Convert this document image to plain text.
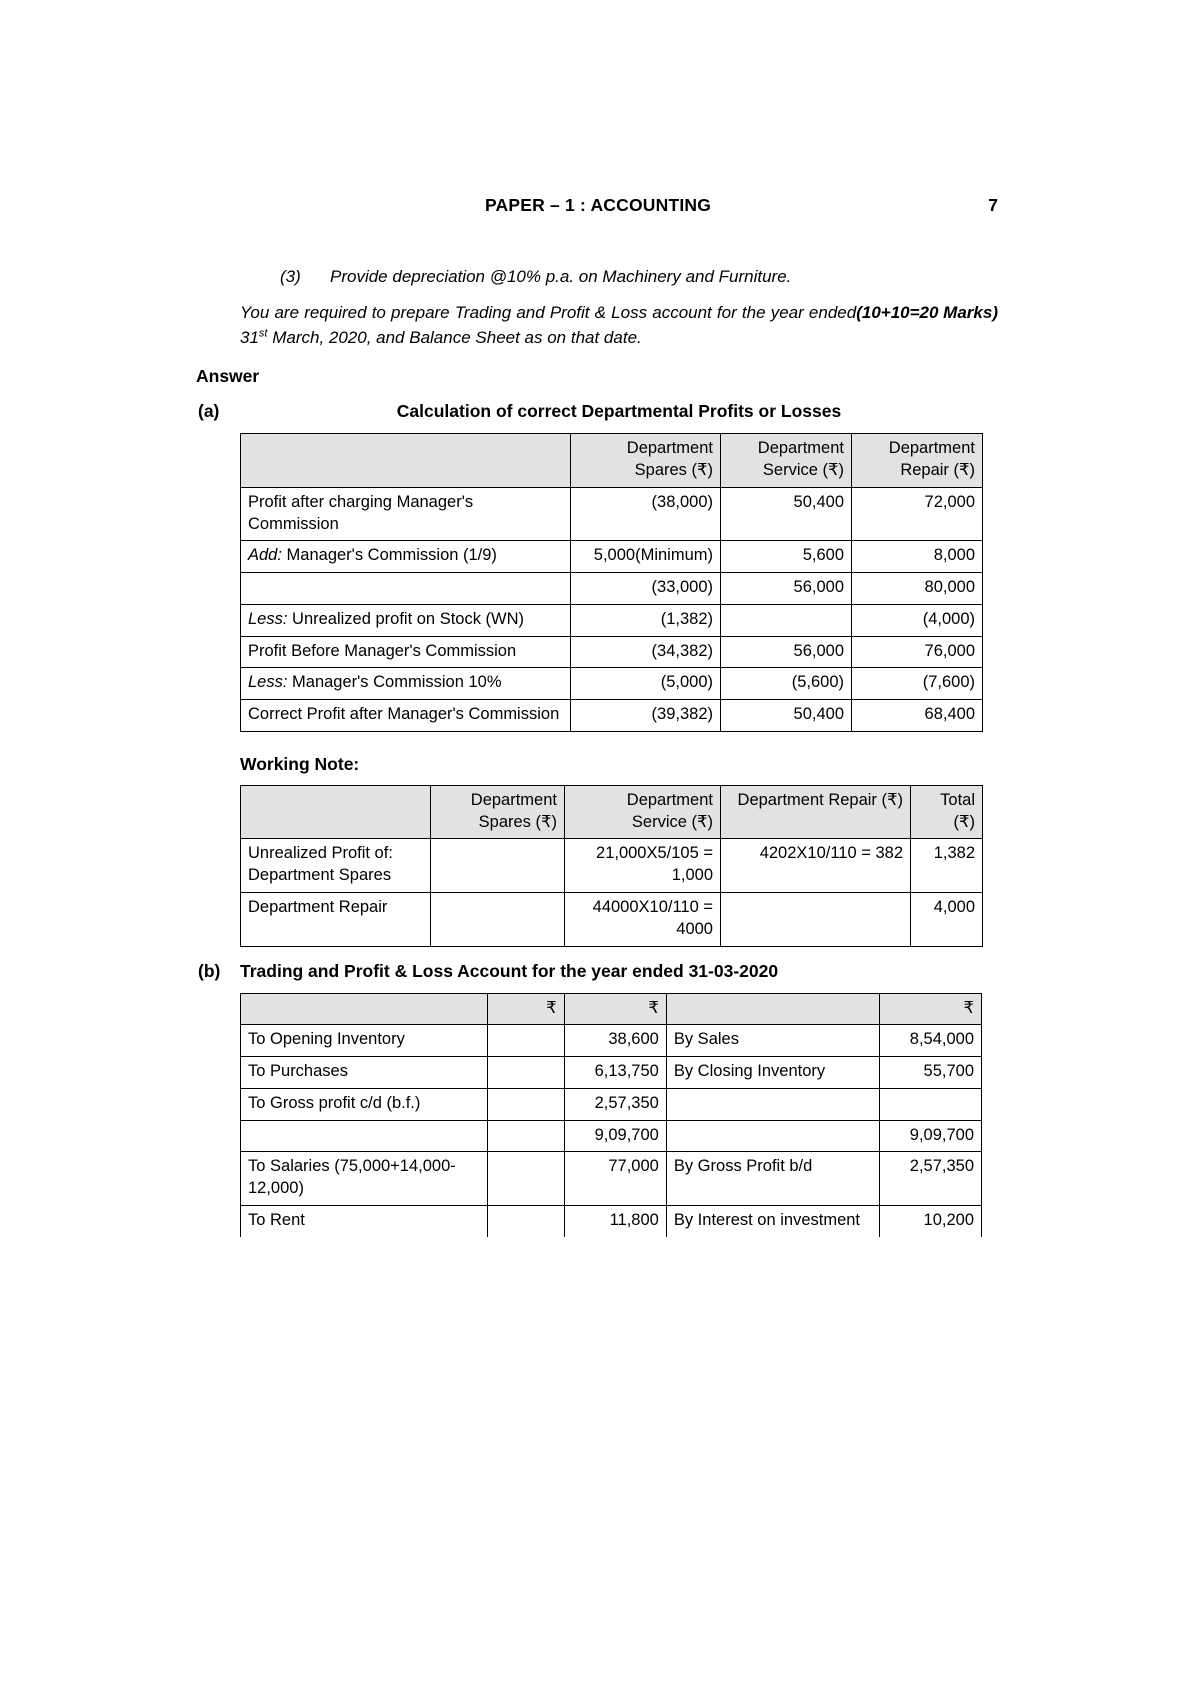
PAPER – 1 : ACCOUNTING	7
(3) Provide depreciation @10% p.a. on Machinery and Furniture.
(10+10=20 Marks)
You are required to prepare Trading and Profit & Loss account for the year ended 31st March, 2020, and Balance Sheet as on that date.
Answer
(a)	Calculation of correct Departmental Profits or Losses
	Department Spares (₹)	Department Service (₹)	Department Repair (₹)
Profit after charging Manager's Commission	(38,000)	50,400	72,000
Add: Manager's Commission (1/9)	5,000(Minimum)	5,600	8,000
	(33,000)	56,000	80,000
Less: Unrealized profit on Stock (WN)	(1,382)		(4,000)
Profit Before Manager's Commission	(34,382)	56,000	76,000
Less: Manager's Commission 10%	(5,000)	(5,600)	(7,600)
Correct Profit after Manager's Commission	(39,382)	50,400	68,400
Working Note:
	Department Spares (₹)	Department Service (₹)	Department Repair (₹)	Total (₹)

Unrealized Profit of:
Department Spares		21,000X5/105 = 1,000	4202X10/110 = 382	1,382
Department Repair		44000X10/110 = 4000		4,000
(b)	Trading and Profit & Loss Account for the year ended 31-03-2020
	₹	₹		₹
To Opening Inventory		38,600	By Sales	8,54,000
To Purchases		6,13,750	By Closing Inventory	55,700
To Gross profit c/d (b.f.)		2,57,350		
		9,09,700		9,09,700
To Salaries (75,000+14,000-12,000)		77,000	By Gross Profit b/d	2,57,350
To Rent		11,800	By Interest on investment	10,200
